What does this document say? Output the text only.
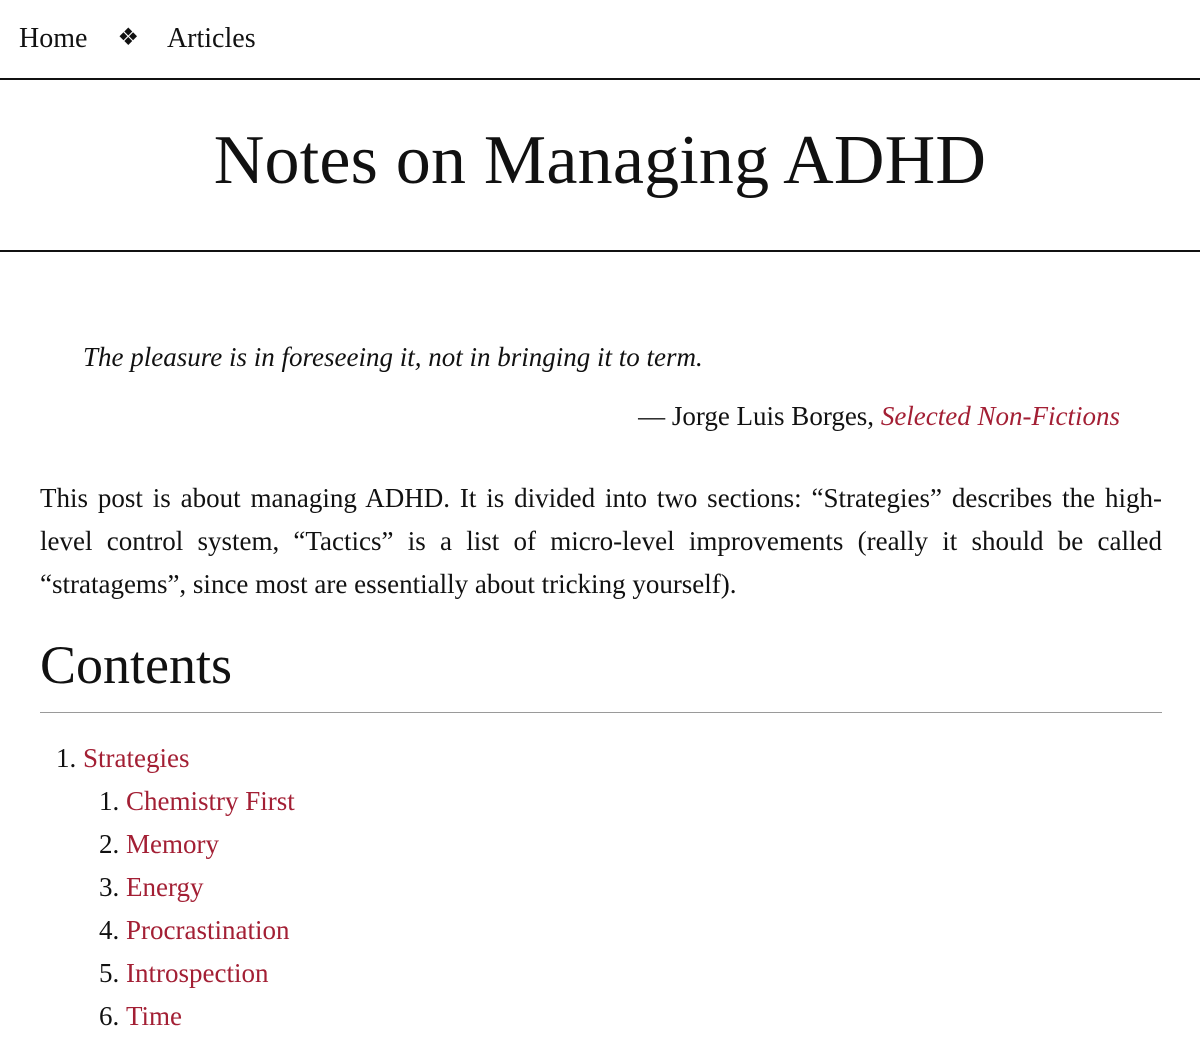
Home ❖ Articles
Notes on Managing ADHD
The pleasure is in foreseeing it, not in bringing it to term.
— Jorge Luis Borges, Selected Non-Fictions

This post is about managing ADHD. It is divided into two sections: “Strategies” describes the high-level control system, “Tactics” is a list of micro-level improvements (really it should be called “stratagems”, since most are essentially about tricking yourself).

Contents
1. Strategies
1. Chemistry First
2. Memory
3. Energy
4. Procrastination
5. Introspection
6. Time
